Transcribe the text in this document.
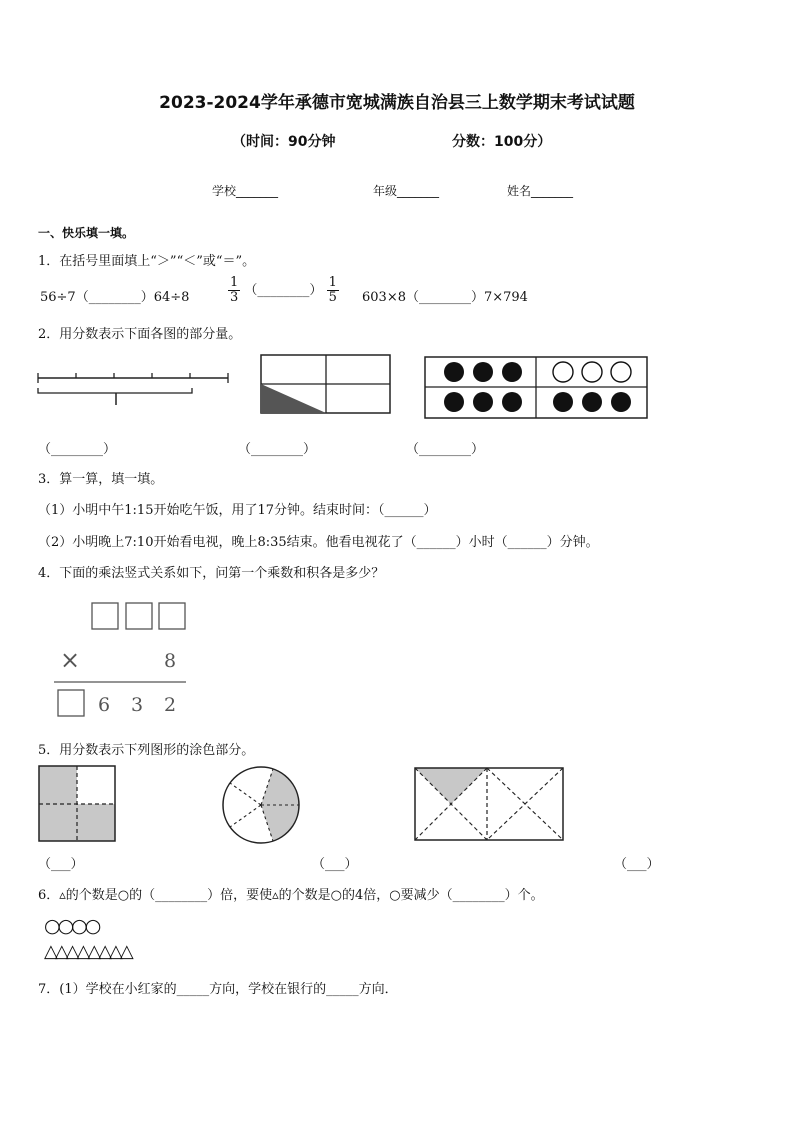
2023-2024学年承德市宽城满族自治县三上数学期末考试试题
（时间：90分钟	分数：100分）
学校_______	年级_______	姓名_______
一、快乐填一填。
1．在括号里面填上“＞”“＜”或“＝”。
56÷7（________）64÷8	$\frac{1}{3}$ （________） $\frac{1}{5}$ 603×8（________）7×794
2．用分数表示下面各图的部分量。
（________）	（________）	（________）
3．算一算，填一填。
（1）小明中午1:15开始吃午饭，用了17分钟。结束时间：（______）
（2）小明晚上7:10开始看电视，晚上8:35结束。他看电视花了（______）小时（______）分钟。
4．下面的乘法竖式关系如下，问第一个乘数和积各是多少？
×	8
6 3 2
5．用分数表示下列图形的涂色部分。
（___）	（___）	（___）
6．▵的个数是○的（________）倍，要使▵的个数是○的4倍，○要减少（________）个。
○○○○
△△△△△△△△
7．(1）学校在小红家的_____方向，学校在银行的_____方向．
